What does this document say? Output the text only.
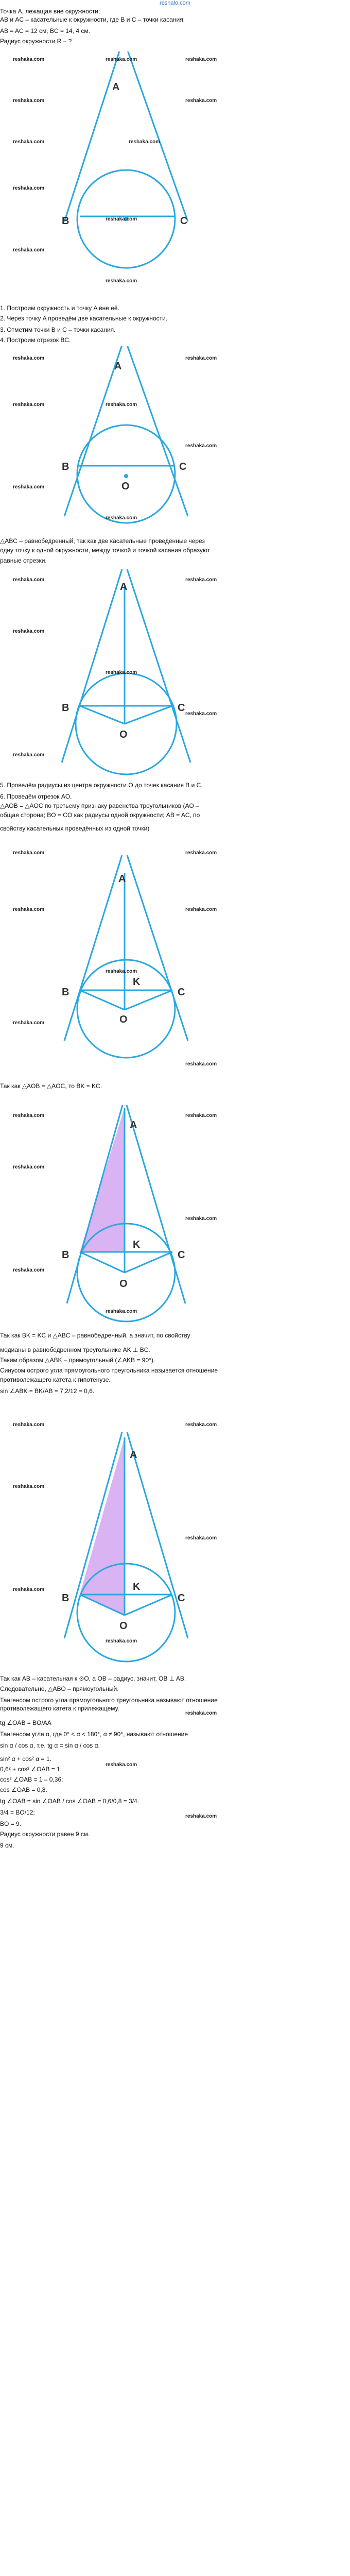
reshalo.com
Точка A, лежащая вне окружности;
AB и AC – касательные к окружности, где B и C – точки касания;
AB = AC = 12 см, BC = 14, 4 см.
Радиус окружности R – ?
1. Построим окружность и точку A вне её.
2. Через точку A проведём две касательные к окружности.
3. Отметим точки B и C – точки касания.
4. Построим отрезок BC.
△ABC – равнобедренный, так как две касательные проведённые через
одну точку к одной окружности, между точкой и точкой касания образуют
равные отрезки.
5. Проведём радиусы из центра окружности O до точек касания B и C.
6. Проведём отрезок AO.
△AOB = △AOC по третьему признаку равенства треугольников (AO –
общая сторона; BO = CO как радиусы одной окружности; AB = AC, по
свойству касательных проведённых из одной точки)
Так как △AOB = △AOC, то BK = KC.
Так как BK = KC и △ABC – равнобедренный, а значит, по свойству
медианы в равнобедренном треугольнике AK ⊥ BC.
Таким образом △ABK – прямоугольный (∠AKB = 90°).
Синусом острого угла прямоугольного треугольника называется отношение
противолежащего катета к гипотенузе.
sin ∠ABK = BK/AB = 7,2/12 = 0,6.
Так как AB – касательная к ⊙O, а OB – радиус, значит, OB ⊥ AB.
Следовательно, △ABO – прямоугольный.
Тангенсом острого угла прямоугольного треугольника называют отношение
противолежащего катета к прилежащему.
tg ∠OAB = BO/AA
Тангенсом угла α, где 0° < α < 180°, α ≠ 90°, называют отношение
sin α / cos α, т.е. tg α = sin α / cos α.
sin² α + cos² α = 1.
0,6² + cos² ∠OAB = 1;
cos² ∠OAB = 1 – 0,36;
cos ∠OAB = 0,8.
tg ∠OAB = sin ∠OAB / cos ∠OAB = 0,6/0,8 = 3/4.
3/4 = BO/12;
BO = 9.
Радиус окружности равен 9 см.
9 см.
A
B	C
A
B	C
O
A
B	C
O
A
B	C
K
O
A
B	C
K
O
A
B	C
K
O
reshaka.com	reshaka.com	reshaka.com
reshaka.com	reshaka.com
reshaka.com	reshaka.com
reshaka.com
reshaka.com
reshaka.com
reshaka.com
reshaka.com	reshaka.com
reshaka.com	reshaka.com
reshaka.com
reshaka.com
reshaka.com
reshaka.com	reshaka.com
reshaka.com
reshaka.com
reshaka.com
reshaka.com
reshaka.com	reshaka.com
reshaka.com	reshaka.com
reshaka.com
reshaka.com
reshaka.com
reshaka.com	reshaka.com
reshaka.com
reshaka.com
reshaka.com
reshaka.com
reshaka.com	reshaka.com
reshaka.com
reshaka.com
reshaka.com
reshaka.com
reshaka.com
reshaka.com
reshaka.com
